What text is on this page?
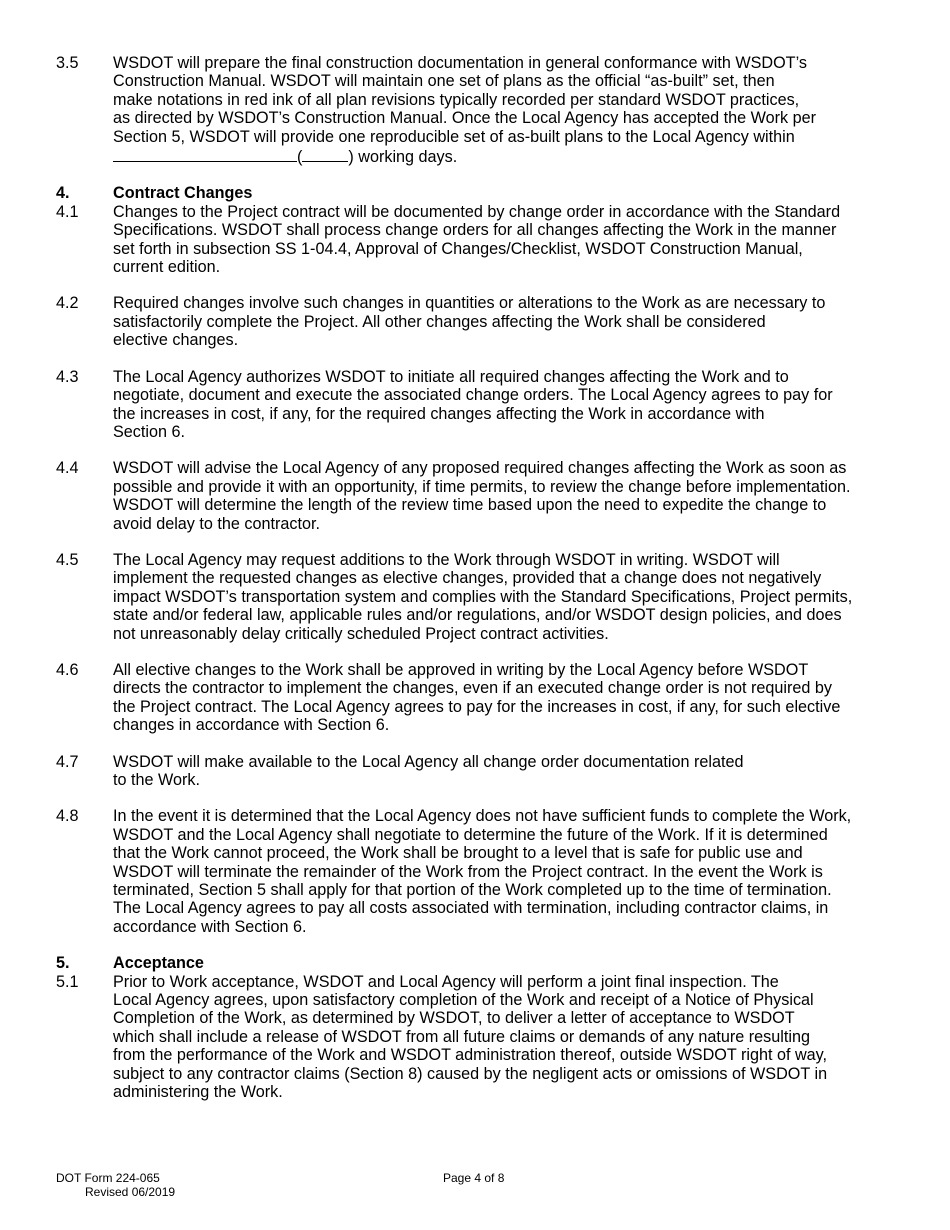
3.5	WSDOT will prepare the final construction documentation in general conformance with WSDOT’s
Construction Manual. WSDOT will maintain one set of plans as the official “as-built” set, then
make notations in red ink of all plan revisions typically recorded per standard WSDOT practices,
as directed by WSDOT’s Construction Manual. Once the Local Agency has accepted the Work per
Section 5, WSDOT will provide one reproducible set of as-built plans to the Local Agency within
(	) working days.
4.	Contract Changes
4.1	Changes to the Project contract will be documented by change order in accordance with the Standard
Specifications. WSDOT shall process change orders for all changes affecting the Work in the manner
set forth in subsection SS 1-04.4, Approval of Changes/Checklist, WSDOT Construction Manual,
current edition.
4.2	Required changes involve such changes in quantities or alterations to the Work as are necessary to
satisfactorily complete the Project. All other changes affecting the Work shall be considered
elective changes.
4.3	The Local Agency authorizes WSDOT to initiate all required changes affecting the Work and to
negotiate, document and execute the associated change orders. The Local Agency agrees to pay for
the increases in cost, if any, for the required changes affecting the Work in accordance with
Section 6.
4.4	WSDOT will advise the Local Agency of any proposed required changes affecting the Work as soon as
possible and provide it with an opportunity, if time permits, to review the change before implementation.
WSDOT will determine the length of the review time based upon the need to expedite the change to
avoid delay to the contractor.
4.5	The Local Agency may request additions to the Work through WSDOT in writing. WSDOT will
implement the requested changes as elective changes, provided that a change does not negatively
impact WSDOT’s transportation system and complies with the Standard Specifications, Project permits,
state and/or federal law, applicable rules and/or regulations, and/or WSDOT design policies, and does
not unreasonably delay critically scheduled Project contract activities.
4.6	All elective changes to the Work shall be approved in writing by the Local Agency before WSDOT
directs the contractor to implement the changes, even if an executed change order is not required by
the Project contract. The Local Agency agrees to pay for the increases in cost, if any, for such elective
changes in accordance with Section 6.
4.7	WSDOT will make available to the Local Agency all change order documentation related
to the Work.
4.8	In the event it is determined that the Local Agency does not have sufficient funds to complete the Work,
WSDOT and the Local Agency shall negotiate to determine the future of the Work. If it is determined
that the Work cannot proceed, the Work shall be brought to a level that is safe for public use and
WSDOT will terminate the remainder of the Work from the Project contract. In the event the Work is
terminated, Section 5 shall apply for that portion of the Work completed up to the time of termination.
The Local Agency agrees to pay all costs associated with termination, including contractor claims, in
accordance with Section 6.
5.	Acceptance
5.1	Prior to Work acceptance, WSDOT and Local Agency will perform a joint final inspection. The
Local Agency agrees, upon satisfactory completion of the Work and receipt of a Notice of Physical
Completion of the Work, as determined by WSDOT, to deliver a letter of acceptance to WSDOT
which shall include a release of WSDOT from all future claims or demands of any nature resulting
from the performance of the Work and WSDOT administration thereof, outside WSDOT right of way,
subject to any contractor claims (Section 8) caused by the negligent acts or omissions of WSDOT in
administering the Work.
DOT Form 224-065
Revised 06/2019
Page 4 of 8
